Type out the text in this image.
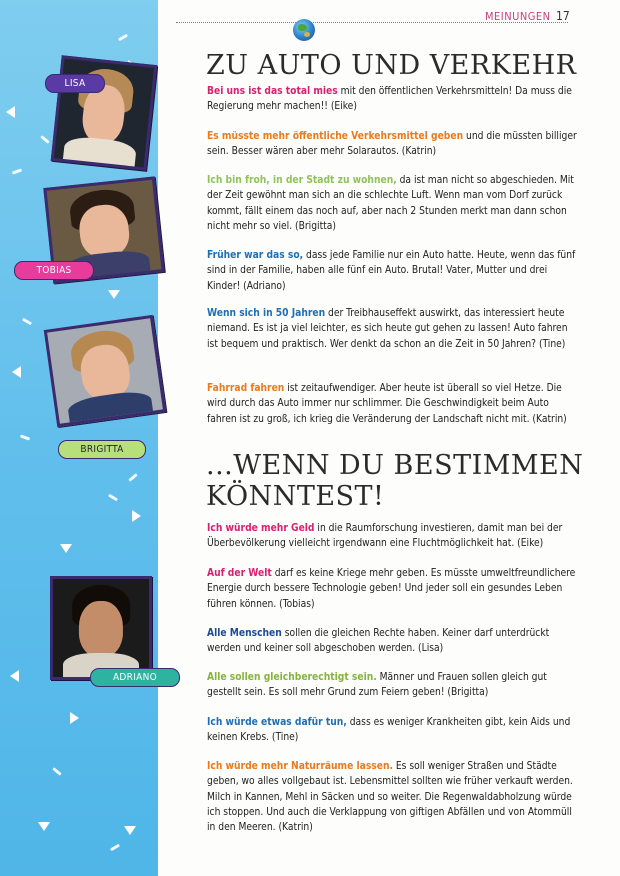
LISA
TOBIAS
BRIGITTA
ADRIANO
MEINUNGEN 17
ZU AUTO UND VERKEHR

Bei uns ist das total mies mit den öffentlichen Verkehrsmitteln! Da muss die Regierung mehr machen!! (Eike)

Es müsste mehr öffentliche Verkehrsmittel geben und die müssten billiger sein. Besser wären aber mehr Solarautos. (Katrin)

Ich bin froh, in der Stadt zu wohnen, da ist man nicht so abgeschieden. Mit der Zeit gewöhnt man sich an die schlechte Luft. Wenn man vom Dorf zurück kommt, fällt einem das noch auf, aber nach 2 Stunden merkt man dann schon nicht mehr so viel. (Brigitta)

Früher war das so, dass jede Familie nur ein Auto hatte. Heute, wenn das fünf sind in der Familie, haben alle fünf ein Auto. Brutal! Vater, Mutter und drei Kinder! (Adriano)

Wenn sich in 50 Jahren der Treibhauseffekt auswirkt, das interessiert heute niemand. Es ist ja viel leichter, es sich heute gut gehen zu lassen! Auto fahren ist bequem und praktisch. Wer denkt da schon an die Zeit in 50 Jahren? (Tine)

Fahrrad fahren ist zeitaufwendiger. Aber heute ist überall so viel Hetze. Die wird durch das Auto immer nur schlimmer. Die Geschwindigkeit beim Auto fahren ist zu groß, ich krieg die Veränderung der Landschaft nicht mit. (Katrin)

...WENN DU BESTIMMEN
KÖNNTEST!

Ich würde mehr Geld in die Raumforschung investieren, damit man bei der Überbevölkerung vielleicht irgendwann eine Fluchtmöglichkeit hat. (Eike)

Auf der Welt darf es keine Kriege mehr geben. Es müsste umweltfreundlichere Energie durch bessere Technologie geben! Und jeder soll ein gesundes Leben führen können. (Tobias)

Alle Menschen sollen die gleichen Rechte haben. Keiner darf unterdrückt werden und keiner soll abgeschoben werden. (Lisa)

Alle sollen gleichberechtigt sein. Männer und Frauen sollen gleich gut gestellt sein. Es soll mehr Grund zum Feiern geben! (Brigitta)

Ich würde etwas dafür tun, dass es weniger Krankheiten gibt, kein Aids und keinen Krebs. (Tine)

Ich würde mehr Naturräume lassen. Es soll weniger Straßen und Städte geben, wo alles vollgebaut ist. Lebensmittel sollten wie früher verkauft werden. Milch in Kannen, Mehl in Säcken und so weiter. Die Regenwaldabholzung würde ich stoppen. Und auch die Verklappung von giftigen Abfällen und von Atommüll in den Meeren. (Katrin)
